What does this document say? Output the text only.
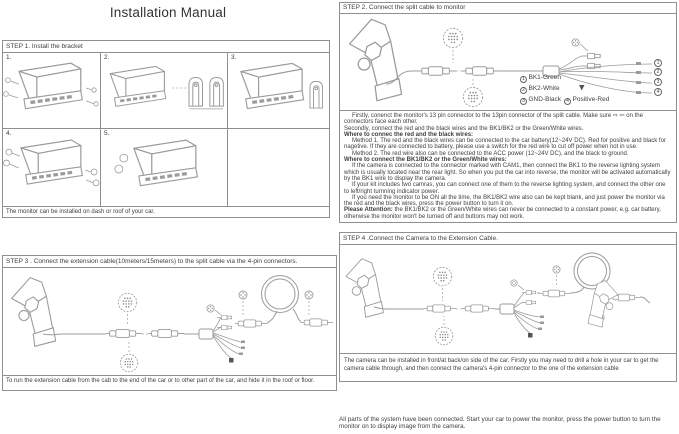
Installation Manual
STEP 1. Install the bracket
1.	2.	3.
4.	5.
The monitor can be installed on dash or roof of your car.
STEP 2. Connect the split cable to monitor
1
2
3
4
1 BK1-Green
2 BK2-White
3 GND-Black	4 Positive-Red

Firstly, conenct the monitor's 13 pin connector to the 13pin connector of the split cable. Make sure ⇨ ⇦ on the connectors face each other.

Secondly, connect the red and the black wires and the BK1/BK2 or the Green/White wires.

Where to connec the red and the black wires:

Method 1. The red and the black wires can be connected to the car battery(12~24V DC). Red for positive and black for nagetive. If they are connected to battery, please use a switch for the red wire to cut off power when not in use.

Method 2. The red wire also can be connected to the ACC power (12~24V DC), and the black to ground.

Where to connect the BK1/BK2 or the Green/White wires:

If the camera is connected to the connector marked with CAM1, then connect the BK1 to the reverse lighting system which is usually located near the rear light. So when you put the car into reverse, the monitor will be activated automatically by the BK1 wire to display the camera.

If your kit includes two camras, you can connect one of them to the reverse lighting system, and connect the other one to left/right turnning indicator power.

If you need the monitor to be ON all the time, the BK1/BK2 wire also can be kept blank, and just power the monitor via the red and the black wires, press the power button to turn it on.

Please Attention: the BK1/BK2 or the Green/White wires can never be connected to a constant power, e.g. car battery, otherwise the monitor won't be turned off and buttons may not work.

STEP 3 . Connect the extension cable(10meters/15meters) to the split cable via the 4-pin connectors.
To run the extension cable from the cab to the end of the car or to other part of the car, and hide it in the roof or floor.
STEP 4 .Connect the Camera to the Extension Cable.
The camera can be installed in front/at back/on side of the car. Firstly you may need to drill a hole in your car to get the camera cable through, and then connect the camera's 4-pin connector to the one of the extension cable
All parts of the system have been connected. Start your car to power the monitor, press the power button to turn the monitor on to display image from the camera.
